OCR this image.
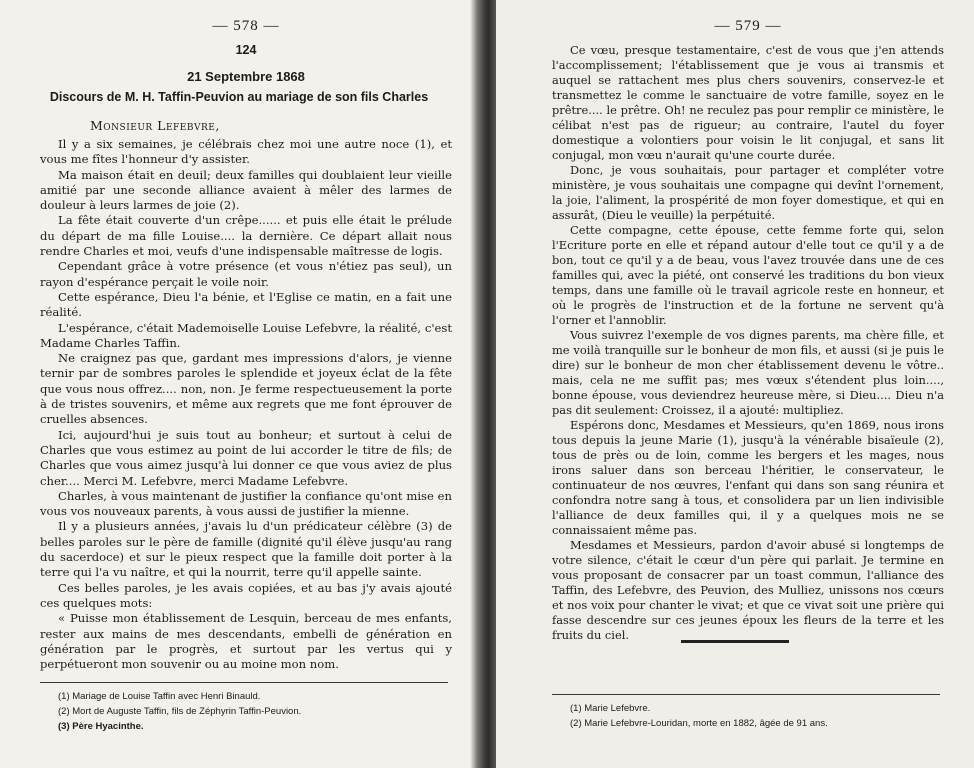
— 578 —
124
21 Septembre 1868
Discours de M. H. Taffin-Peuvion au mariage de son fils Charles
Monsieur Lefebvre,

Il y a six semaines, je célébrais chez moi une autre noce (1), et vous me fîtes l'honneur d'y assister.

Ma maison était en deuil; deux familles qui doublaient leur vieille amitié par une seconde alliance avaient à mêler des larmes de douleur à leurs larmes de joie (2).

La fête était couverte d'un crêpe...... et puis elle était le prélude du départ de ma fille Louise.... la dernière. Ce départ allait nous rendre Charles et moi, veufs d'une indispensable maîtresse de logis.

Cependant grâce à votre présence (et vous n'étiez pas seul), un rayon d'espérance perçait le voile noir.

Cette espérance, Dieu l'a bénie, et l'Eglise ce matin, en a fait une réalité.

L'espérance, c'était Mademoiselle Louise Lefebvre, la réalité, c'est Madame Charles Taffin.

Ne craignez pas que, gardant mes impressions d'alors, je vienne ternir par de sombres paroles le splendide et joyeux éclat de la fête que vous nous offrez.... non, non. Je ferme respectueusement la porte à de tristes souvenirs, et même aux regrets que me font éprouver de cruelles absences.

Ici, aujourd'hui je suis tout au bonheur; et surtout à celui de Charles que vous estimez au point de lui accorder le titre de fils; de Charles que vous aimez jusqu'à lui donner ce que vous aviez de plus cher.... Merci M. Lefebvre, merci Madame Lefebvre.

Charles, à vous maintenant de justifier la confiance qu'ont mise en vous vos nouveaux parents, à vous aussi de justifier la mienne.

Il y a plusieurs années, j'avais lu d'un prédicateur célèbre (3) de belles paroles sur le père de famille (dignité qu'il élève jusqu'au rang du sacerdoce) et sur le pieux respect que la famille doit porter à la terre qui l'a vu naître, et qui la nourrit, terre qu'il appelle sainte.

Ces belles paroles, je les avais copiées, et au bas j'y avais ajouté ces quelques mots:

« Puisse mon établissement de Lesquin, berceau de mes enfants, rester aux mains de mes descendants, embelli de génération en génération par le progrès, et surtout par les vertus qui y perpétueront mon souvenir ou au moine mon nom.

(1) Mariage de Louise Taffin avec Henri Binauld.
(2) Mort de Auguste Taffin, fils de Zéphyrin Taffin-Peuvion.
(3) Père Hyacinthe.
— 579 —

Ce vœu, presque testamentaire, c'est de vous que j'en attends l'accomplissement; l'établissement que je vous ai transmis et auquel se rattachent mes plus chers souvenirs, conservez-le et transmettez le comme le sanctuaire de votre famille, soyez en le prêtre.... le prêtre. Oh! ne reculez pas pour remplir ce ministère, le célibat n'est pas de rigueur; au contraire, l'autel du foyer domestique a volontiers pour voisin le lit conjugal, et sans lit conjugal, mon vœu n'aurait qu'une courte durée.

Donc, je vous souhaitais, pour partager et compléter votre ministère, je vous souhaitais une compagne qui devînt l'ornement, la joie, l'aliment, la prospérité de mon foyer domestique, et qui en assurât, (Dieu le veuille) la perpétuité.

Cette compagne, cette épouse, cette femme forte qui, selon l'Ecriture porte en elle et répand autour d'elle tout ce qu'il y a de bon, tout ce qu'il y a de beau, vous l'avez trouvée dans une de ces familles qui, avec la piété, ont conservé les traditions du bon vieux temps, dans une famille où le travail agricole reste en honneur, et où le progrès de l'instruction et de la fortune ne servent qu'à l'orner et l'annoblir.

Vous suivrez l'exemple de vos dignes parents, ma chère fille, et me voilà tranquille sur le bonheur de mon fils, et aussi (si je puis le dire) sur le bonheur de mon cher établissement devenu le vôtre.. mais, cela ne me suffit pas; mes vœux s'étendent plus loin...., bonne épouse, vous deviendrez heureuse mère, si Dieu.... Dieu n'a pas dit seulement: Croissez, il a ajouté: multipliez.

Espérons donc, Mesdames et Messieurs, qu'en 1869, nous irons tous depuis la jeune Marie (1), jusqu'à la vénérable bisaïeule (2), tous de près ou de loin, comme les bergers et les mages, nous irons saluer dans son berceau l'héritier, le conservateur, le continuateur de nos œuvres, l'enfant qui dans son sang réunira et confondra notre sang à tous, et consolidera par un lien indivisible l'alliance de deux familles qui, il y a quelques mois ne se connaissaient même pas.

Mesdames et Messieurs, pardon d'avoir abusé si longtemps de votre silence, c'était le cœur d'un père qui parlait. Je termine en vous proposant de consacrer par un toast commun, l'alliance des Taffin, des Lefebvre, des Peuvion, des Mulliez, unissons nos cœurs et nos voix pour chanter le vivat; et que ce vivat soit une prière qui fasse descendre sur ces jeunes époux les fleurs de la terre et les fruits du ciel.

(1) Marie Lefebvre.
(2) Marie Lefebvre-Louridan, morte en 1882, âgée de 91 ans.
